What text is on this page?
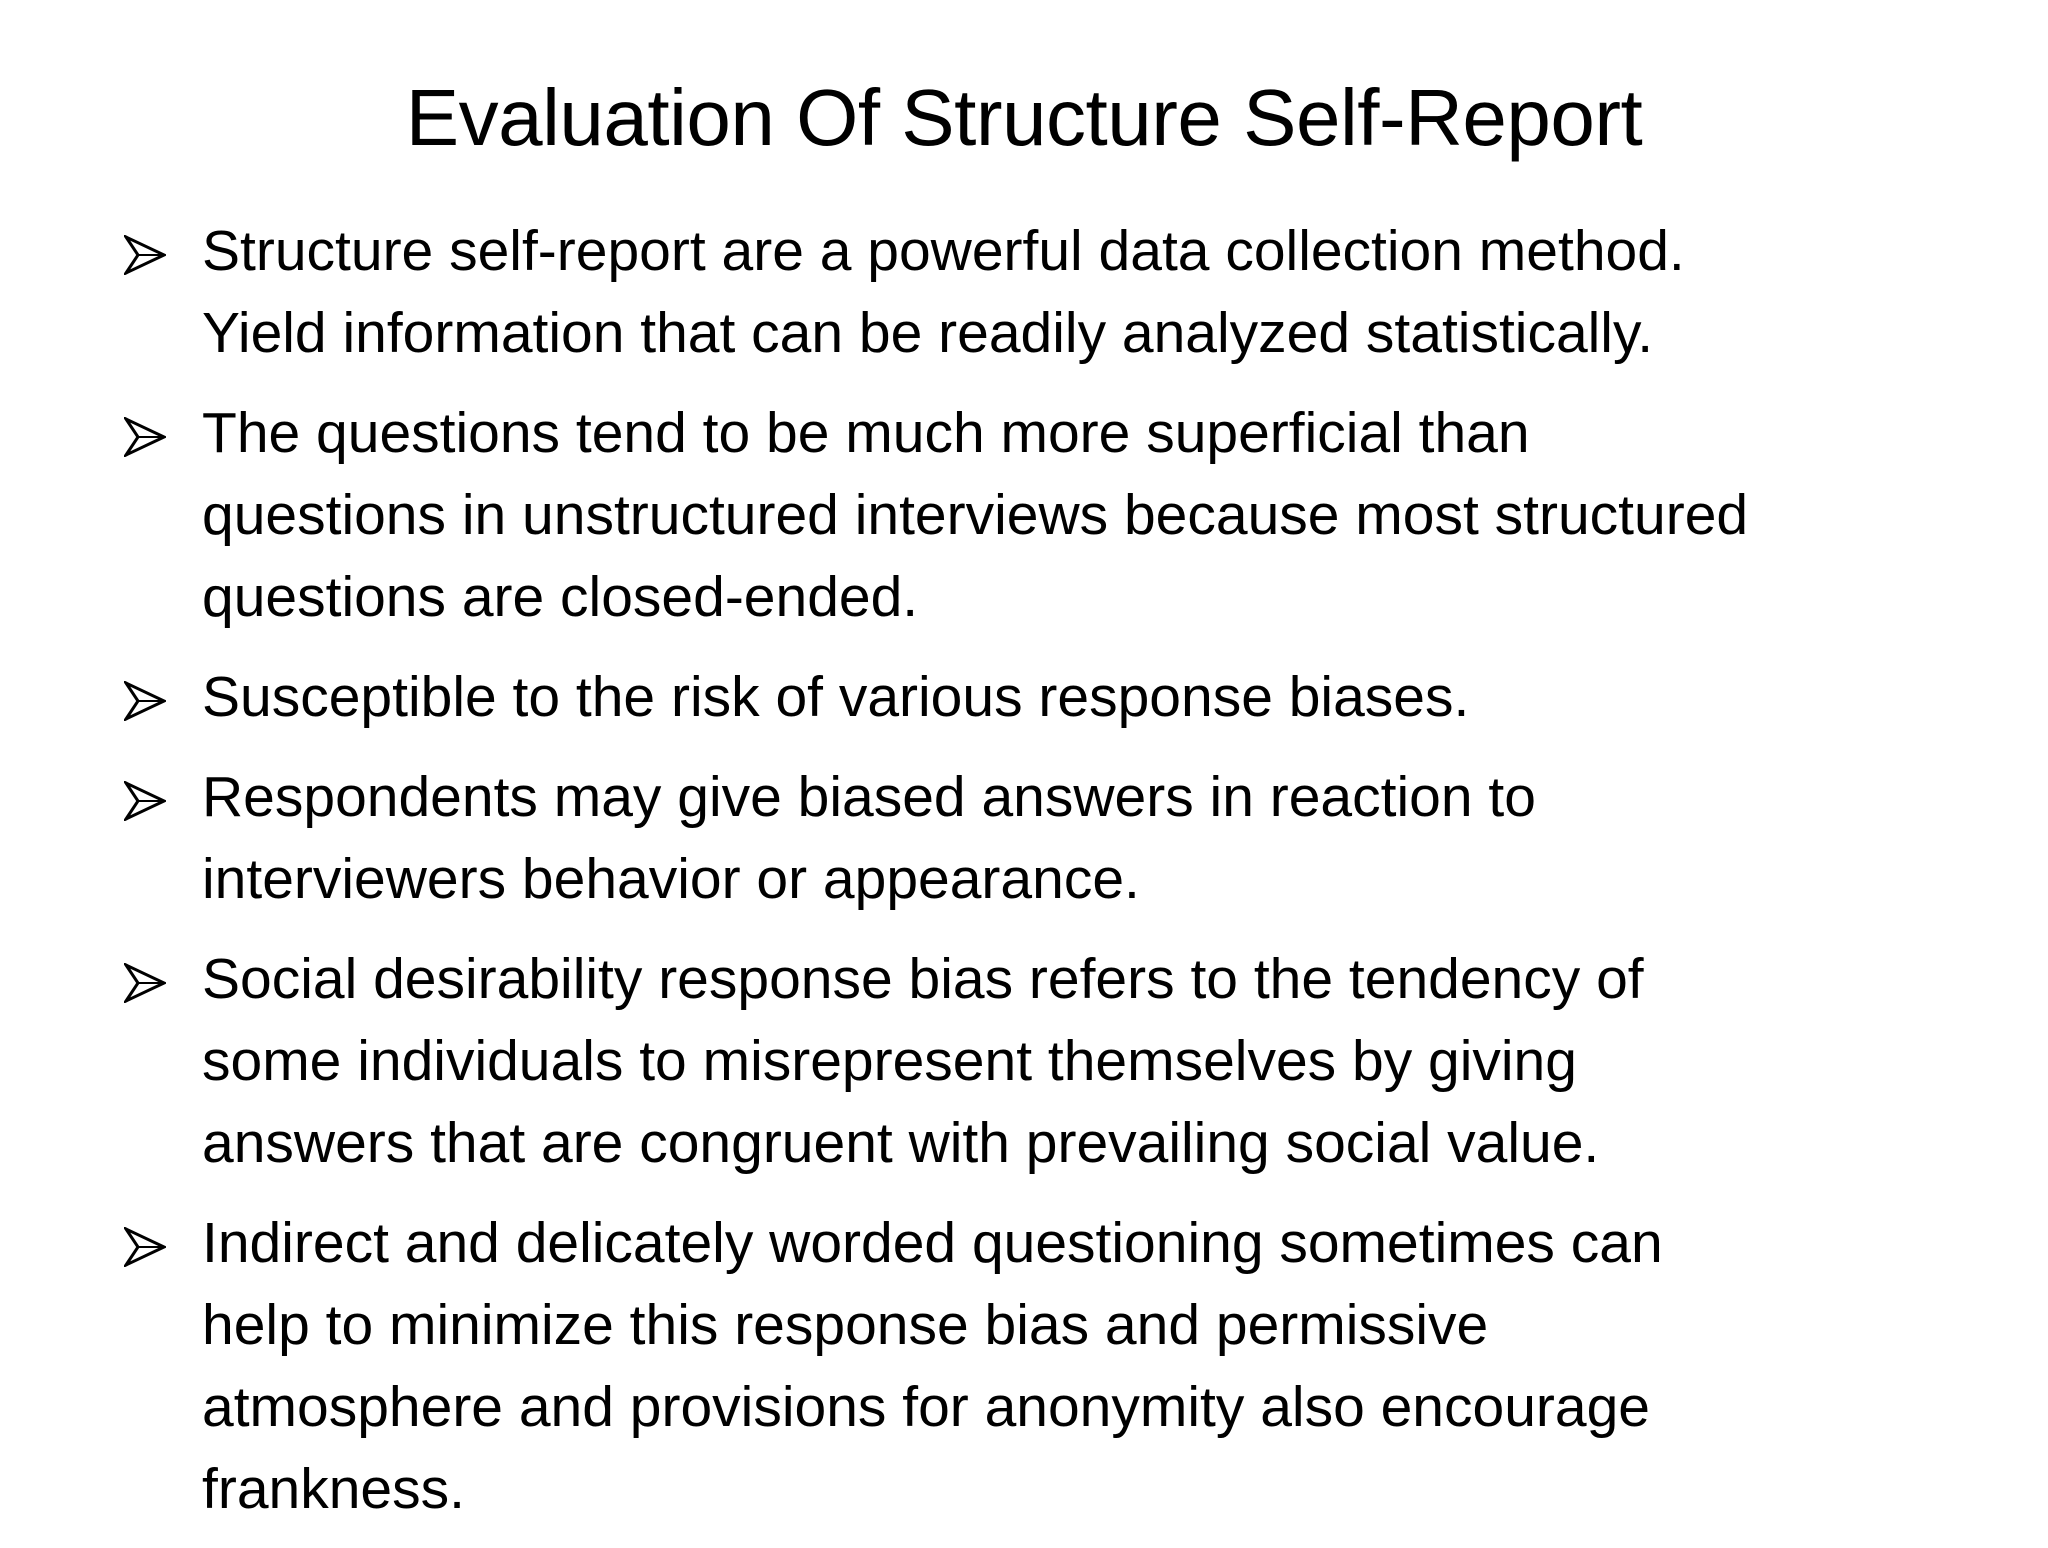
Evaluation Of Structure Self-Report
Structure self-report are a powerful data collection method.
Yield information that can be readily analyzed statistically.
The questions tend to be much more superficial than
questions in unstructured interviews because most structured
questions are closed-ended.
Susceptible to the risk of various response biases.
Respondents may give biased answers in reaction to
interviewers behavior or appearance.
Social desirability response bias refers to the tendency of
some individuals to misrepresent themselves by giving
answers that are congruent with prevailing social value.
Indirect and delicately worded questioning sometimes can
help to minimize this response bias and permissive
atmosphere and provisions for anonymity also encourage
frankness.
